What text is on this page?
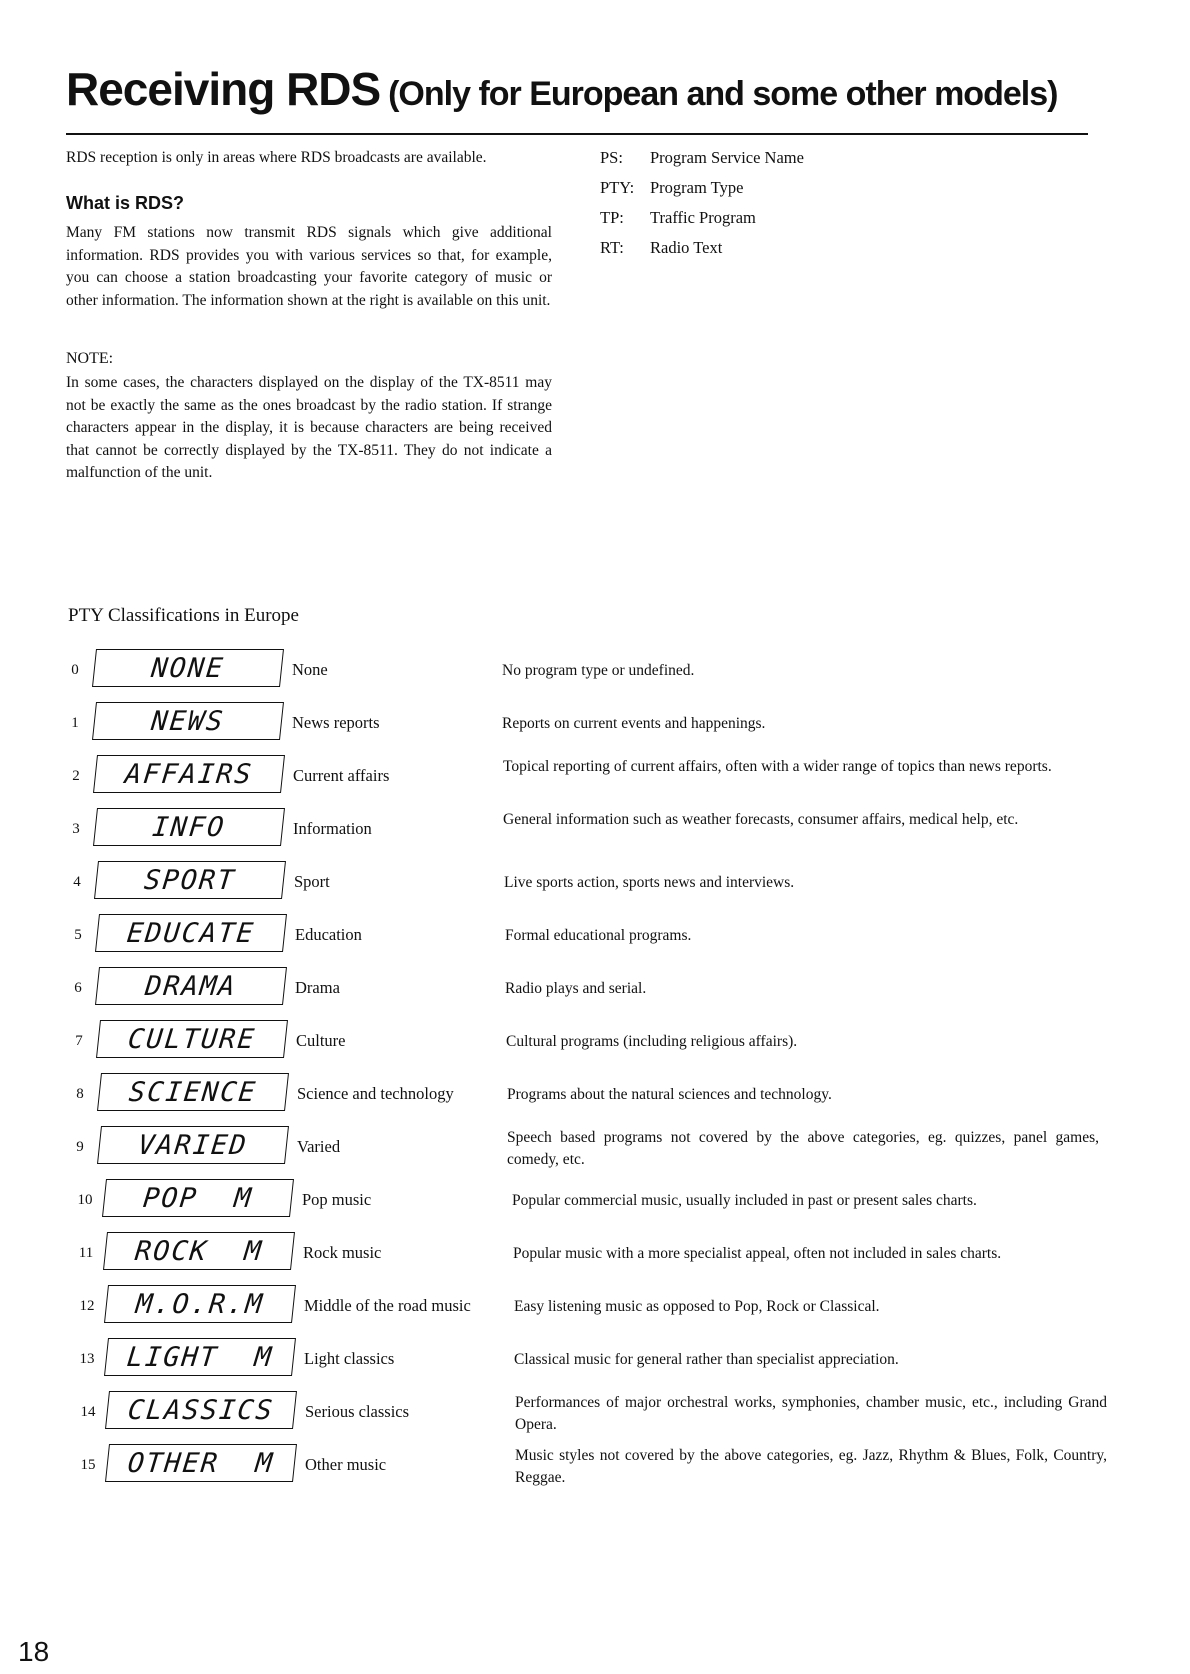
Receiving RDS (Only for European and some other models)
RDS reception is only in areas where RDS broadcasts are available.
What is RDS?
Many FM stations now transmit RDS signals which give additional information. RDS provides you with various services so that, for example, you can choose a station broadcasting your favorite category of music or other information. The information shown at the right is available on this unit.
NOTE:
In some cases, the characters displayed on the display of the TX-8511 may not be exactly the same as the ones broadcast by the radio station. If strange characters appear in the display, it is because characters are being received that cannot be correctly displayed by the TX-8511. They do not indicate a malfunction of the unit.
PS: Program Service Name
PTY: Program Type
TP: Traffic Program
RT: Radio Text
PTY Classifications in Europe
0	NONE	None	No program type or undefined.
1	NEWS	News reports	Reports on current events and happenings.
2	AFFAIRS	Current affairs	Topical reporting of current affairs, often with a wider range of topics than news reports.
3	INFO	Information	General information such as weather forecasts, consumer affairs, medical help, etc.
4	SPORT	Sport	Live sports action, sports news and interviews.
5	EDUCATE	Education	Formal educational programs.
6	DRAMA	Drama	Radio plays and serial.
7	CULTURE	Culture	Cultural programs (including religious affairs).
8	SCIENCE	Science and technology	Programs about the natural sciences and technology.
9	VARIED	Varied	Speech based programs not covered by the above categories, eg. quizzes, panel games, comedy, etc.
10	POP  M	Pop music	Popular commercial music, usually included in past or present sales charts.
11	ROCK  M	Rock music	Popular music with a more specialist appeal, often not included in sales charts.
12	M.O.R.M	Middle of the road music	Easy listening music as opposed to Pop, Rock or Classical.
13	LIGHT  M	Light classics	Classical music for general rather than specialist appreciation.
14	CLASSICS	Serious classics	Performances of major orchestral works, symphonies, chamber music, etc., including Grand Opera.
15	OTHER  M	Other music	Music styles not covered by the above categories, eg. Jazz, Rhythm & Blues, Folk, Country, Reggae.
18
